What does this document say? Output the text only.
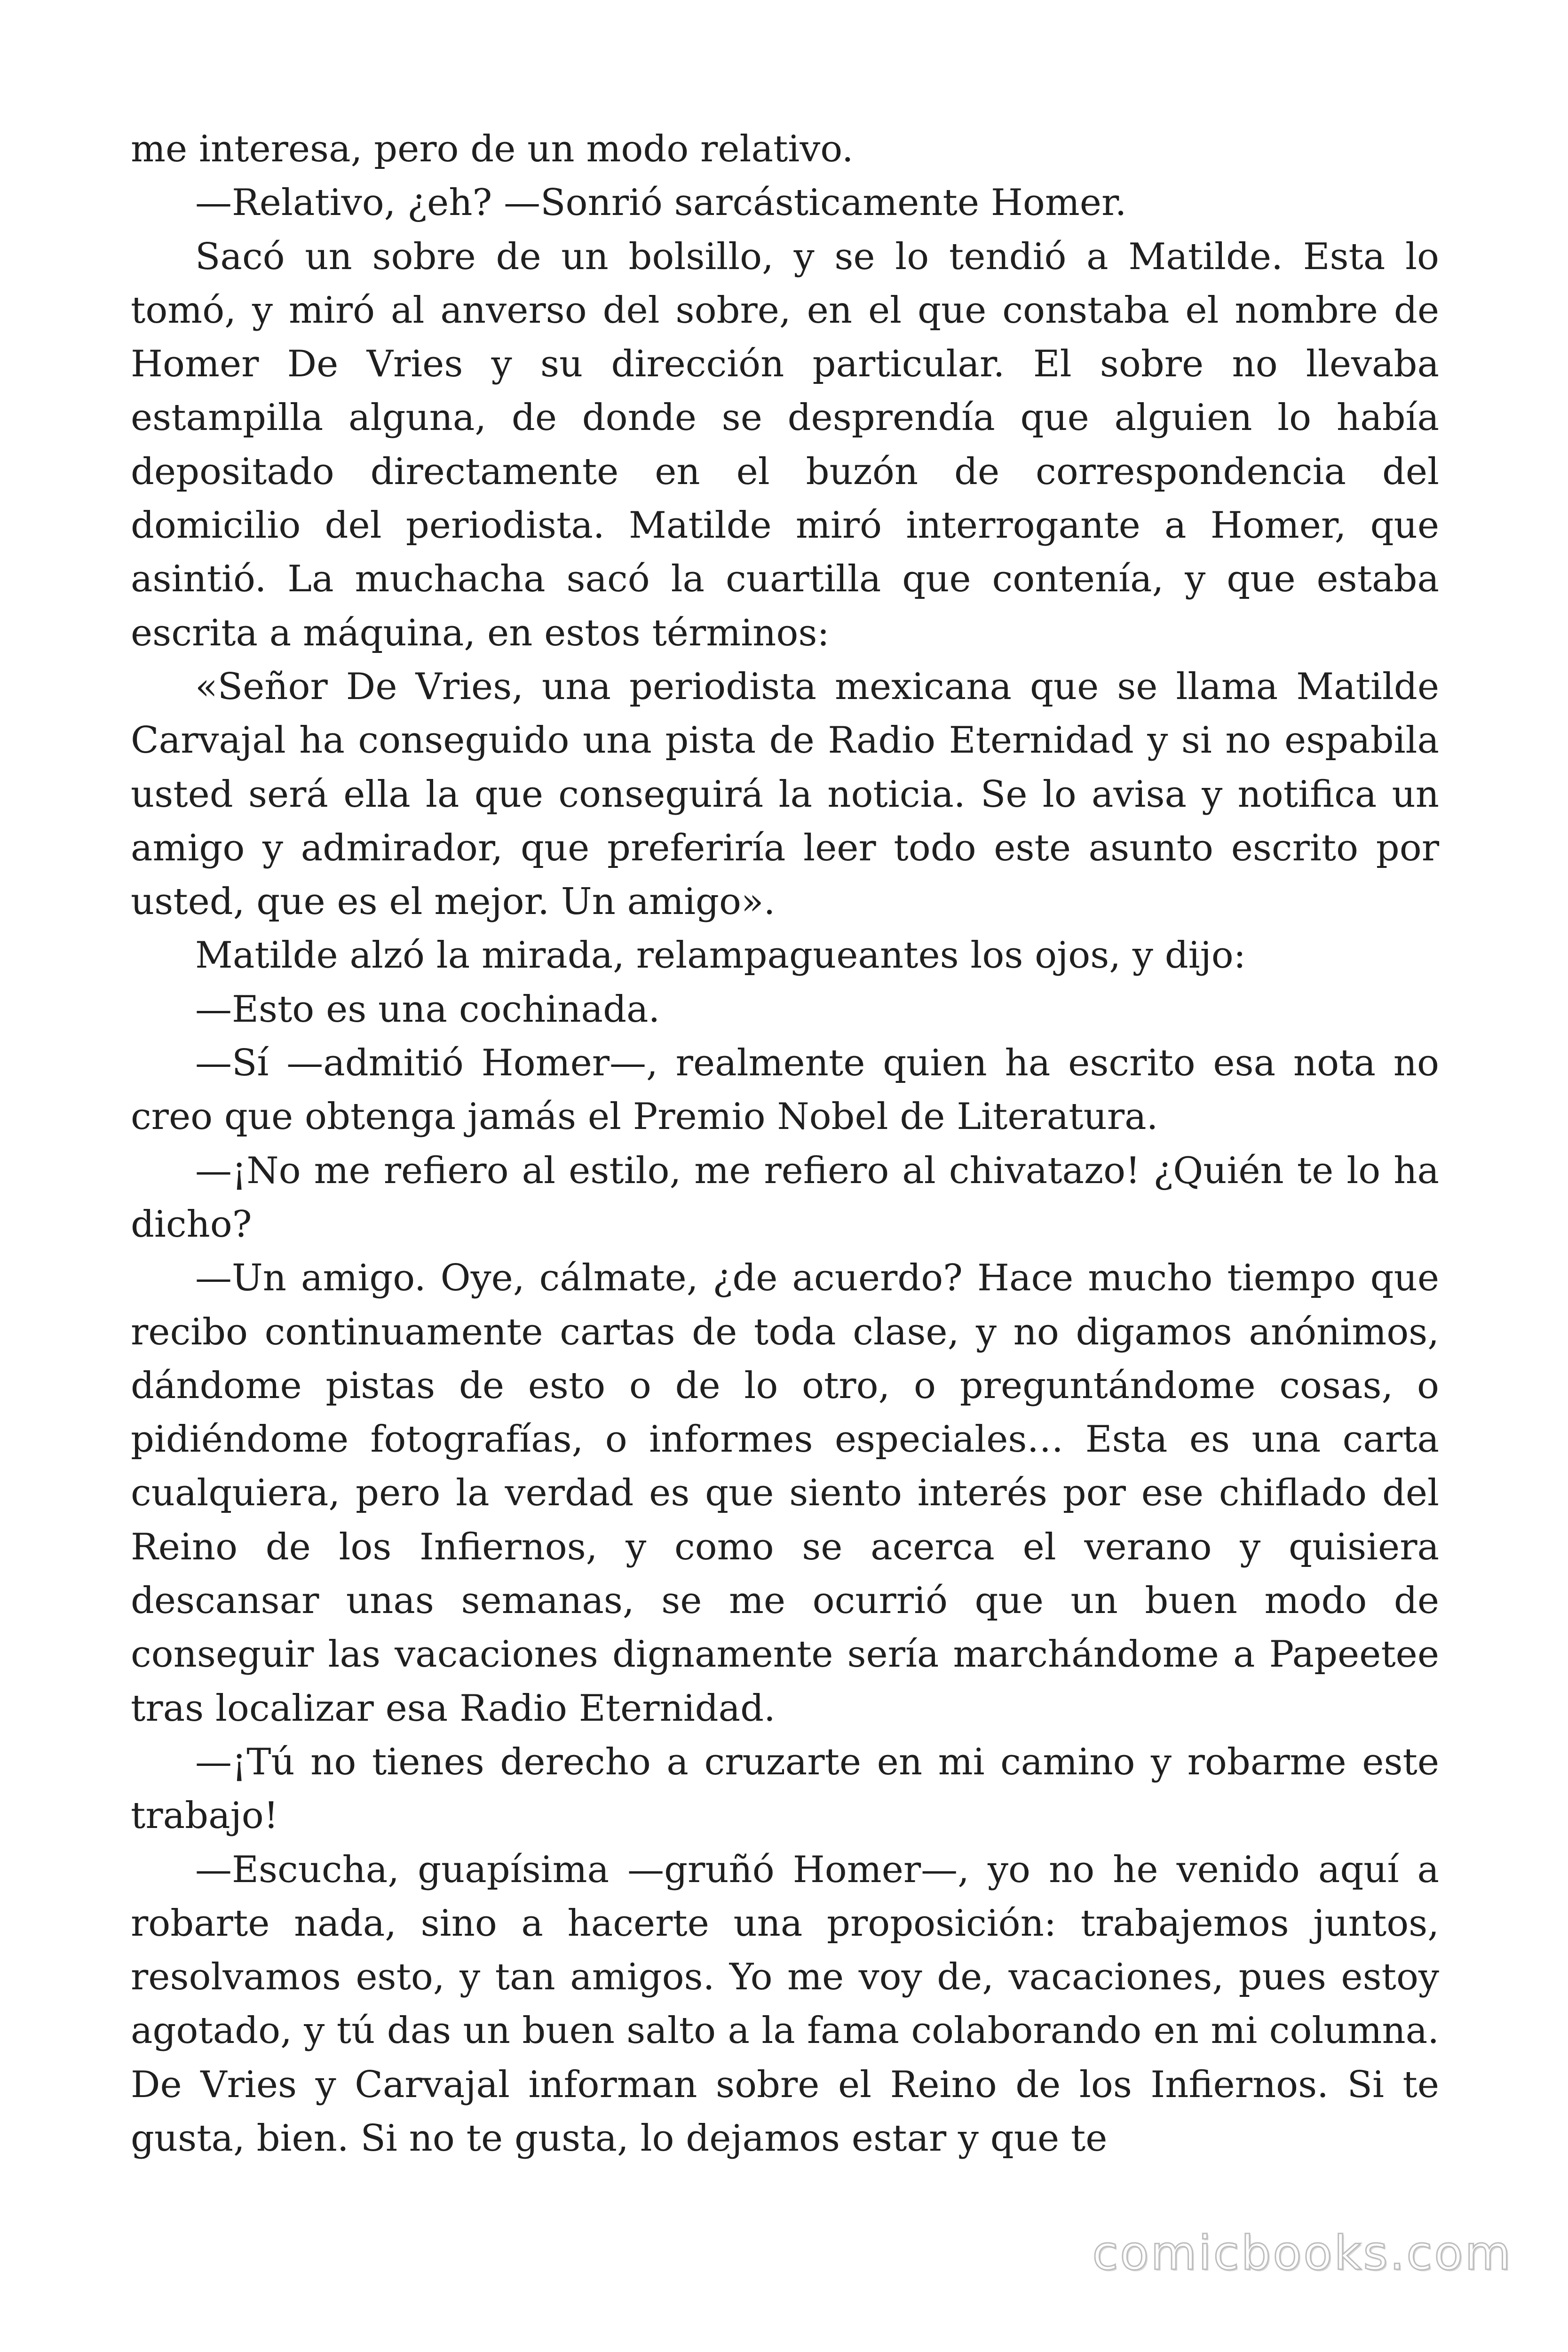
me interesa, pero de un modo relativo.

—Relativo, ¿eh? —Sonrió sarcásticamente Homer.

Sacó un sobre de un bolsillo, y se lo tendió a Matilde. Esta lo tomó, y miró al anverso del sobre, en el que constaba el nombre de Homer De Vries y su dirección particular. El sobre no llevaba estampilla alguna, de donde se desprendía que alguien lo había depositado directamente en el buzón de correspondencia del domicilio del periodista. Matilde miró interrogante a Homer, que asintió. La muchacha sacó la cuartilla que contenía, y que estaba escrita a máquina, en estos términos:

«Señor De Vries, una periodista mexicana que se llama Matilde Carvajal ha conseguido una pista de Radio Eternidad y si no espabila usted será ella la que conseguirá la noticia. Se lo avisa y notifica un amigo y admirador, que preferiría leer todo este asunto escrito por usted, que es el mejor. Un amigo».

Matilde alzó la mirada, relampagueantes los ojos, y dijo:

—Esto es una cochinada.

—Sí —admitió Homer—, realmente quien ha escrito esa nota no creo que obtenga jamás el Premio Nobel de Literatura.

—¡No me refiero al estilo, me refiero al chivatazo! ¿Quién te lo ha dicho?

—Un amigo. Oye, cálmate, ¿de acuerdo? Hace mucho tiempo que recibo continuamente cartas de toda clase, y no digamos anónimos, dándome pistas de esto o de lo otro, o preguntándome cosas, o pidiéndome fotografías, o informes especiales… Esta es una carta cualquiera, pero la verdad es que siento interés por ese chiflado del Reino de los Infiernos, y como se acerca el verano y quisiera descansar unas semanas, se me ocurrió que un buen modo de conseguir las vacaciones dignamente sería marchándome a Papeetee tras localizar esa Radio Eternidad.

—¡Tú no tienes derecho a cruzarte en mi camino y robarme este trabajo!

—Escucha, guapísima —gruñó Homer—, yo no he venido aquí a robarte nada, sino a hacerte una proposición: trabajemos juntos, resolvamos esto, y tan amigos. Yo me voy de, vacaciones, pues estoy agotado, y tú das un buen salto a la fama colaborando en mi columna. De Vries y Carvajal informan sobre el Reino de los Infiernos. Si te gusta, bien. Si no te gusta, lo dejamos estar y que te

comicbooks.com
